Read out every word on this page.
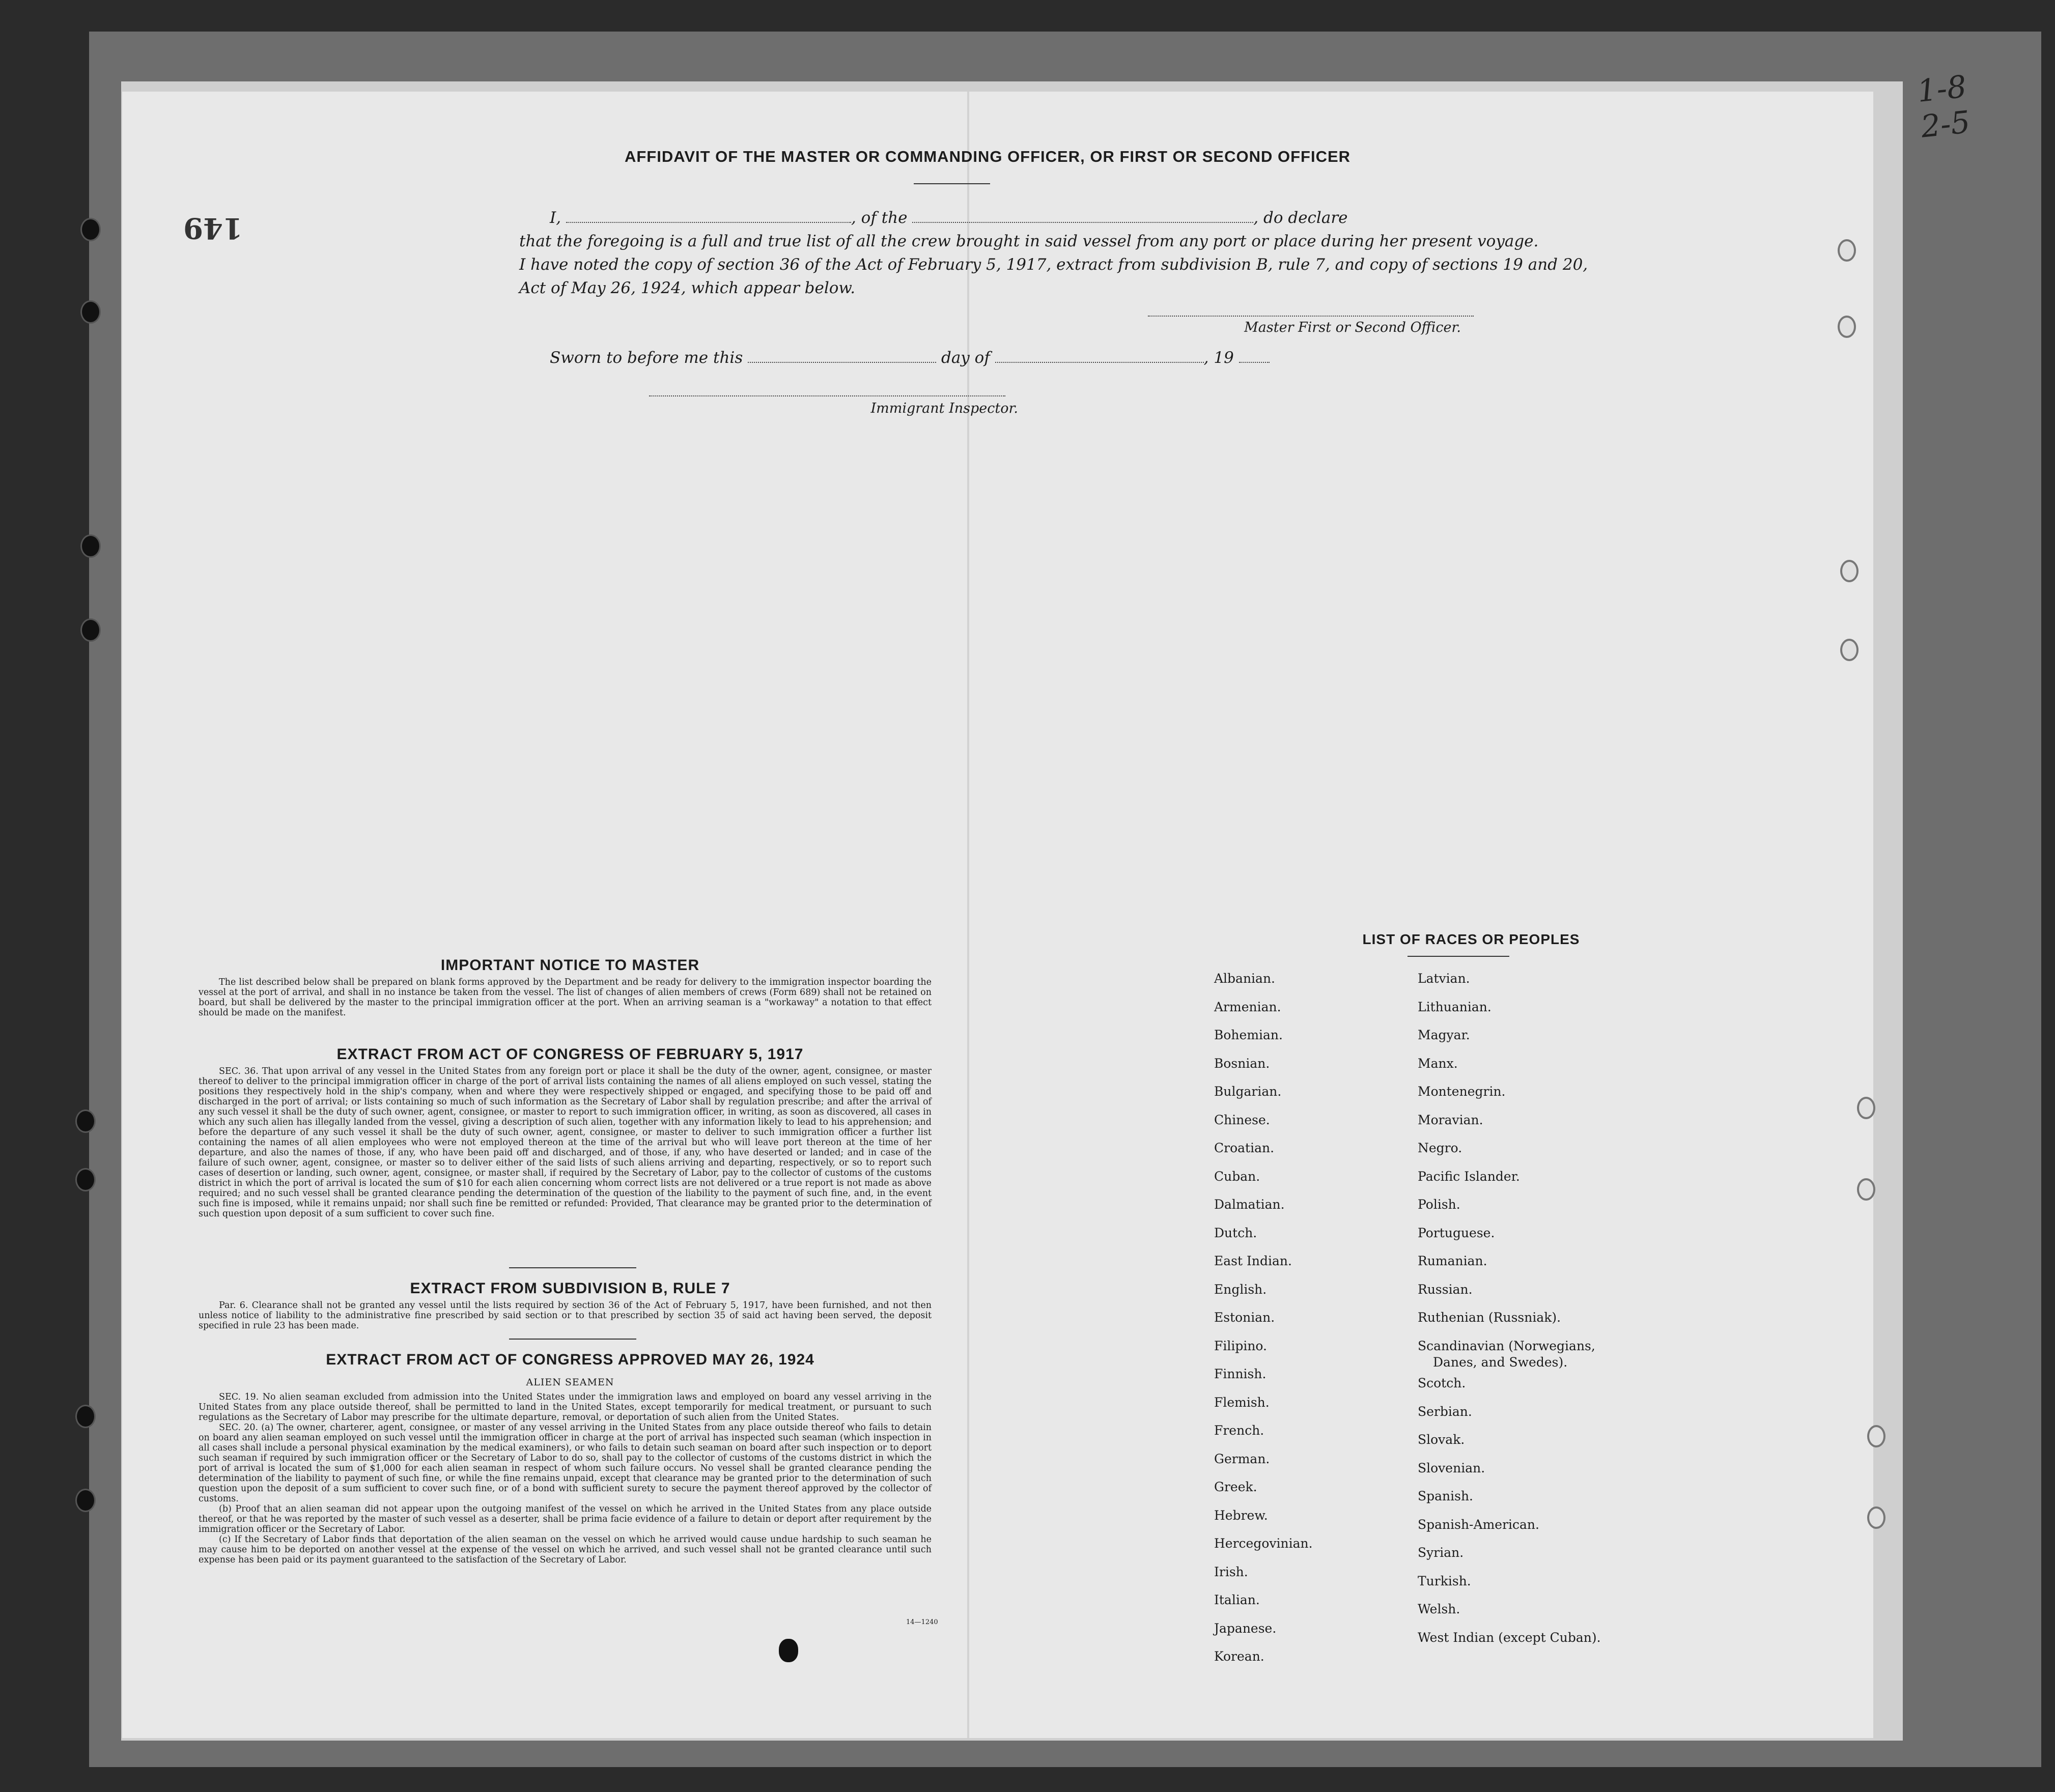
149
AFFIDAVIT OF THE MASTER OR COMMANDING OFFICER, OR FIRST OR SECOND OFFICER
I,	, of the	, do declare
that the foregoing is a full and true list of all the crew brought in said vessel from any port or place during her present voyage.
I have noted the copy of section 36 of the Act of February 5, 1917, extract from subdivision B, rule 7, and copy of sections 19 and 20,
Act of May 26, 1924, which appear below.
Master First or Second Officer.
Sworn to before me this	day of	, 19
Immigrant Inspector.
IMPORTANT NOTICE TO MASTER
The list described below shall be prepared on blank forms approved by the Department and be ready for delivery to the immigration inspector boarding the vessel at the port of arrival, and shall in no instance be taken from the vessel. The list of changes of alien members of crews (Form 689) shall not be retained on board, but shall be delivered by the master to the principal immigration officer at the port. When an arriving seaman is a "workaway" a notation to that effect should be made on the manifest.
EXTRACT FROM ACT OF CONGRESS OF FEBRUARY 5, 1917
SEC. 36. That upon arrival of any vessel in the United States from any foreign port or place it shall be the duty of the owner, agent, consignee, or master thereof to deliver to the principal immigration officer in charge of the port of arrival lists containing the names of all aliens employed on such vessel, stating the positions they respectively hold in the ship's company, when and where they were respectively shipped or engaged, and specifying those to be paid off and discharged in the port of arrival; or lists containing so much of such information as the Secretary of Labor shall by regulation prescribe; and after the arrival of any such vessel it shall be the duty of such owner, agent, consignee, or master to report to such immigration officer, in writing, as soon as discovered, all cases in which any such alien has illegally landed from the vessel, giving a description of such alien, together with any information likely to lead to his apprehension; and before the departure of any such vessel it shall be the duty of such owner, agent, consignee, or master to deliver to such immigration officer a further list containing the names of all alien employees who were not employed thereon at the time of the arrival but who will leave port thereon at the time of her departure, and also the names of those, if any, who have been paid off and discharged, and of those, if any, who have deserted or landed; and in case of the failure of such owner, agent, consignee, or master so to deliver either of the said lists of such aliens arriving and departing, respectively, or so to report such cases of desertion or landing, such owner, agent, consignee, or master shall, if required by the Secretary of Labor, pay to the collector of customs of the customs district in which the port of arrival is located the sum of $10 for each alien concerning whom correct lists are not delivered or a true report is not made as above required; and no such vessel shall be granted clearance pending the determination of the question of the liability to the payment of such fine, and, in the event such fine is imposed, while it remains unpaid; nor shall such fine be remitted or refunded: Provided, That clearance may be granted prior to the determination of such question upon deposit of a sum sufficient to cover such fine.
EXTRACT FROM SUBDIVISION B, RULE 7
Par. 6. Clearance shall not be granted any vessel until the lists required by section 36 of the Act of February 5, 1917, have been furnished, and not then unless notice of liability to the administrative fine prescribed by said section or to that prescribed by section 35 of said act having been served, the deposit specified in rule 23 has been made.
EXTRACT FROM ACT OF CONGRESS APPROVED MAY 26, 1924
ALIEN SEAMEN
SEC. 19. No alien seaman excluded from admission into the United States under the immigration laws and employed on board any vessel arriving in the United States from any place outside thereof, shall be permitted to land in the United States, except temporarily for medical treatment, or pursuant to such regulations as the Secretary of Labor may prescribe for the ultimate departure, removal, or deportation of such alien from the United States.
SEC. 20. (a) The owner, charterer, agent, consignee, or master of any vessel arriving in the United States from any place outside thereof who fails to detain on board any alien seaman employed on such vessel until the immigration officer in charge at the port of arrival has inspected such seaman (which inspection in all cases shall include a personal physical examination by the medical examiners), or who fails to detain such seaman on board after such inspection or to deport such seaman if required by such immigration officer or the Secretary of Labor to do so, shall pay to the collector of customs of the customs district in which the port of arrival is located the sum of $1,000 for each alien seaman in respect of whom such failure occurs. No vessel shall be granted clearance pending the determination of the liability to payment of such fine, or while the fine remains unpaid, except that clearance may be granted prior to the determination of such question upon the deposit of a sum sufficient to cover such fine, or of a bond with sufficient surety to secure the payment thereof approved by the collector of customs.
(b) Proof that an alien seaman did not appear upon the outgoing manifest of the vessel on which he arrived in the United States from any place outside thereof, or that he was reported by the master of such vessel as a deserter, shall be prima facie evidence of a failure to detain or deport after requirement by the immigration officer or the Secretary of Labor.
(c) If the Secretary of Labor finds that deportation of the alien seaman on the vessel on which he arrived would cause undue hardship to such seaman he may cause him to be deported on another vessel at the expense of the vessel on which he arrived, and such vessel shall not be granted clearance until such expense has been paid or its payment guaranteed to the satisfaction of the Secretary of Labor.
14—1240
LIST OF RACES OR PEOPLES
Albanian.
Armenian.
Bohemian.
Bosnian.
Bulgarian.
Chinese.
Croatian.
Cuban.
Dalmatian.
Dutch.
East Indian.
English.
Estonian.
Filipino.
Finnish.
Flemish.
French.
German.
Greek.
Hebrew.
Hercegovinian.
Irish.
Italian.
Japanese.
Korean.
Latvian.
Lithuanian.
Magyar.
Manx.
Montenegrin.
Moravian.
Negro.
Pacific Islander.
Polish.
Portuguese.
Rumanian.
Russian.
Ruthenian (Russniak).
Scandinavian (Norwegians,
Danes, and Swedes).
Scotch.
Serbian.
Slovak.
Slovenian.
Spanish.
Spanish-American.
Syrian.
Turkish.
Welsh.
West Indian (except Cuban).
1-8
2-5
